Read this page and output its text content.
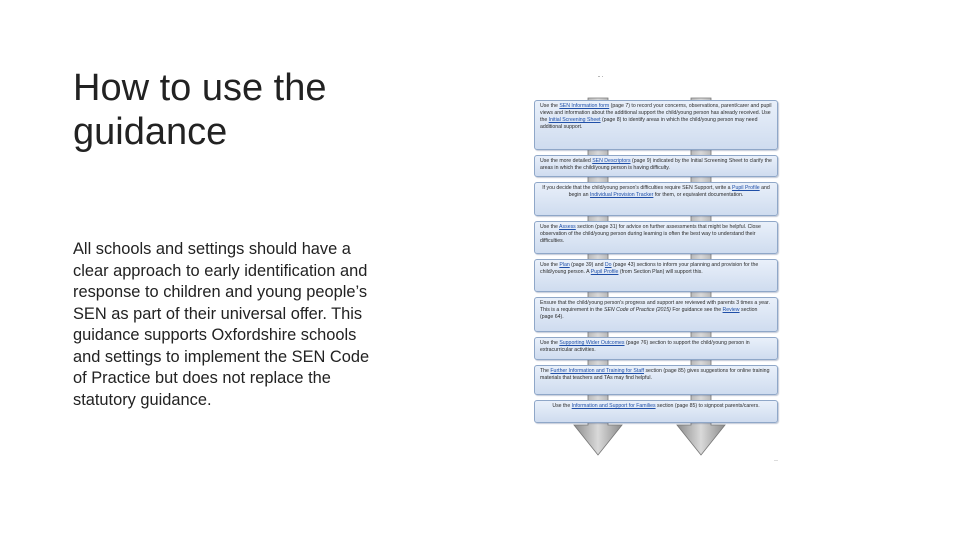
How to use the guidance
All schools and settings should have a clear approach to early identification and response to children and young people’s SEN as part of their universal offer. This guidance supports Oxfordshire schools and settings to implement the SEN Code of Practice but does not replace the statutory guidance.
- ·
··
Use the SEN Information form (page 7) to record your concerns, observations, parent/carer and pupil views and information about the additional support the child/young person has already received. Use the Initial Screening Sheet (page 8) to identify areas in which the child/young person may need additional support.
Use the more detailed SEN Descriptors (page 9) indicated by the Initial Screening Sheet to clarify the areas in which the child/young person is having difficulty.
If you decide that the child/young person's difficulties require SEN Support, write a Pupil Profile and begin an Individual Provision Tracker for them, or equivalent documentation.
Use the Assess section (page 31) for advice on further assessments that might be helpful. Close observation of the child/young person during learning is often the best way to understand their difficulties.
Use the Plan (page 39) and Do (page 43) sections to inform your planning and provision for the child/young person. A Pupil Profile (from Section Plan) will support this.
Ensure that the child/young person's progress and support are reviewed with parents 3 times a year. This is a requirement in the SEN Code of Practice (2015) For guidance see the Review section (page 64).
Use the Supporting Wider Outcomes (page 76) section to support the child/young person in extracurricular activities.
The Further Information and Training for Staff section (page 85) gives suggestions for online training materials that teachers and TAs may find helpful.
Use the Information and Support for Families section (page 85) to signpost parents/carers.
